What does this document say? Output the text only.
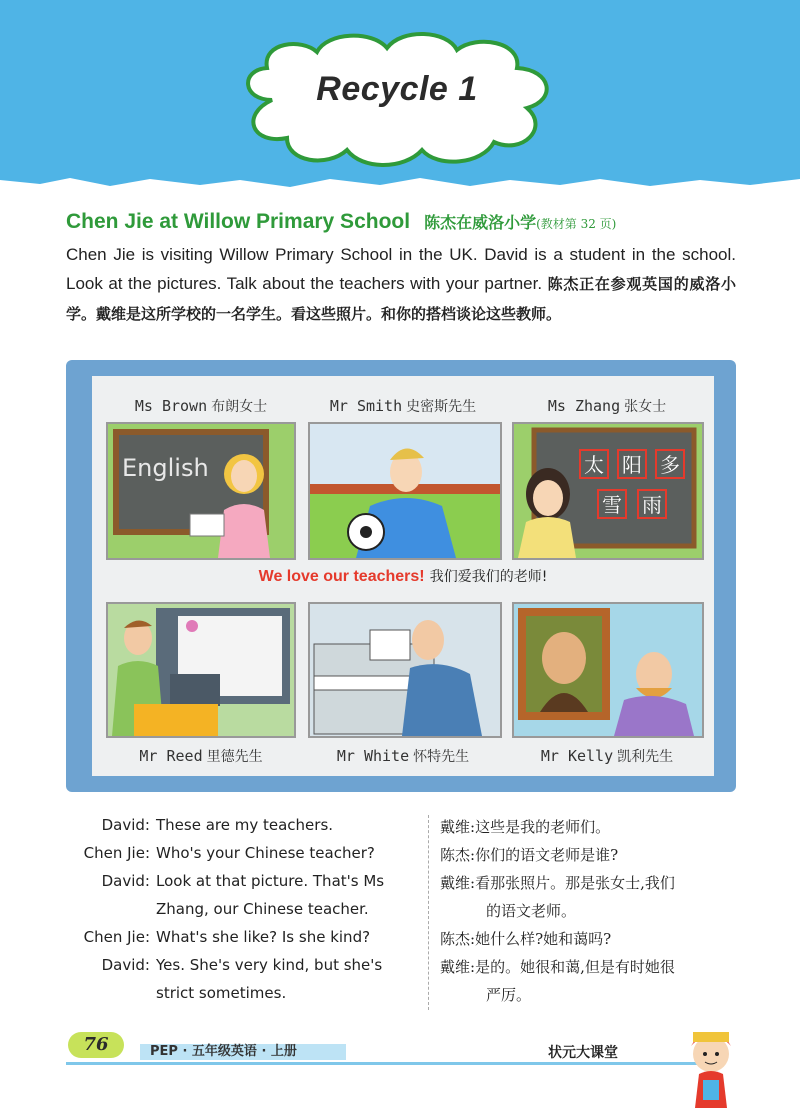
Recycle 1
Chen Jie at Willow Primary School 陈杰在威洛小学(教材第 32 页)
Chen Jie is visiting Willow Primary School in the UK. David is a student in the school. Look at the pictures. Talk about the teachers with your partner. 陈杰正在参观英国的威洛小学。戴维是这所学校的一名学生。看这些照片。和你的搭档谈论这些教师。
Ms Brown 布朗女士	Mr Smith 史密斯先生	Ms Zhang 张女士
English	太 阳 多
雪 雨
We love our teachers! 我们爱我们的老师!
Mr Reed 里德先生	Mr White 怀特先生	Mr Kelly 凯利先生
David: These are my teachers.
Chen Jie: Who's your Chinese teacher?
David: Look at that picture. That's Ms
Zhang, our Chinese teacher.
Chen Jie: What's she like? Is she kind?
David: Yes. She's very kind, but she's
strict sometimes.
戴维:这些是我的老师们。
陈杰:你们的语文老师是谁?
戴维:看那张照片。那是张女士,我们
的语文老师。
陈杰:她什么样?她和蔼吗?
戴维:是的。她很和蔼,但是有时她很
严厉。
76	PEP · 五年级英语 · 上册	状元大课堂
